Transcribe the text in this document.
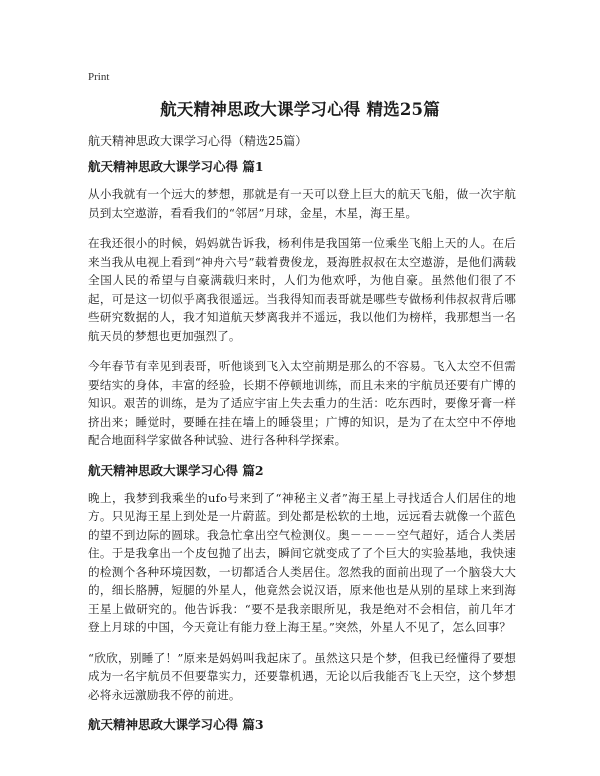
Print
航天精神思政大课学习心得 精选25篇
航天精神思政大课学习心得（精选25篇）
航天精神思政大课学习心得 篇1

从小我就有一个远大的梦想，那就是有一天可以登上巨大的航天飞船，做一次宇航员到太空遨游，看看我们的“邻居”月球，金星，木星，海王星。

在我还很小的时候，妈妈就告诉我，杨利伟是我国第一位乘坐飞船上天的人。在后来当我从电视上看到“神舟六号”载着费俊龙，聂海胜叔叔在太空遨游，是他们满载全国人民的希望与自豪满载归来时，人们为他欢呼，为他自豪。虽然他们很了不起，可是这一切似乎离我很遥远。当我得知而表哥就是哪些专做杨利伟叔叔背后哪些研究数据的人，我才知道航天梦离我并不遥远，我以他们为榜样，我那想当一名航天员的梦想也更加强烈了。

今年春节有幸见到表哥，听他谈到飞入太空前期是那么的不容易。飞入太空不但需要结实的身体，丰富的经验，长期不停顿地训练，而且未来的宇航员还要有广博的知识。艰苦的训练，是为了适应宇宙上失去重力的生活：吃东西时，要像牙膏一样挤出来；睡觉时，要睡在挂在墙上的睡袋里；广博的知识，是为了在太空中不停地配合地面科学家做各种试验、进行各种科学探索。

航天精神思政大课学习心得 篇2

晚上，我梦到我乘坐的ufo号来到了“神秘主义者”海王星上寻找适合人们居住的地方。只见海王星上到处是一片蔚蓝。到处都是松软的土地，远远看去就像一个蓝色的望不到边际的圆球。我急忙拿出空气检测仪。奥－－－－空气超好，适合人类居住。于是我拿出一个皮包抛了出去，瞬间它就变成了了个巨大的实验基地，我快速的检测个各种环境因数，一切都适合人类居住。忽然我的面前出现了一个脑袋大大的，细长胳膊，短腿的外星人，他竟然会说汉语，原来他也是从别的星球上来到海王星上做研究的。他告诉我：“要不是我亲眼所见，我是绝对不会相信，前几年才登上月球的中国，今天竟让有能力登上海王星。”突然，外星人不见了，怎么回事？

“欣欣，别睡了！”原来是妈妈叫我起床了。虽然这只是个梦，但我已经懂得了要想成为一名宇航员不但要靠实力，还要靠机遇，无论以后我能否飞上天空，这个梦想必将永远激励我不停的前进。

航天精神思政大课学习心得 篇3
